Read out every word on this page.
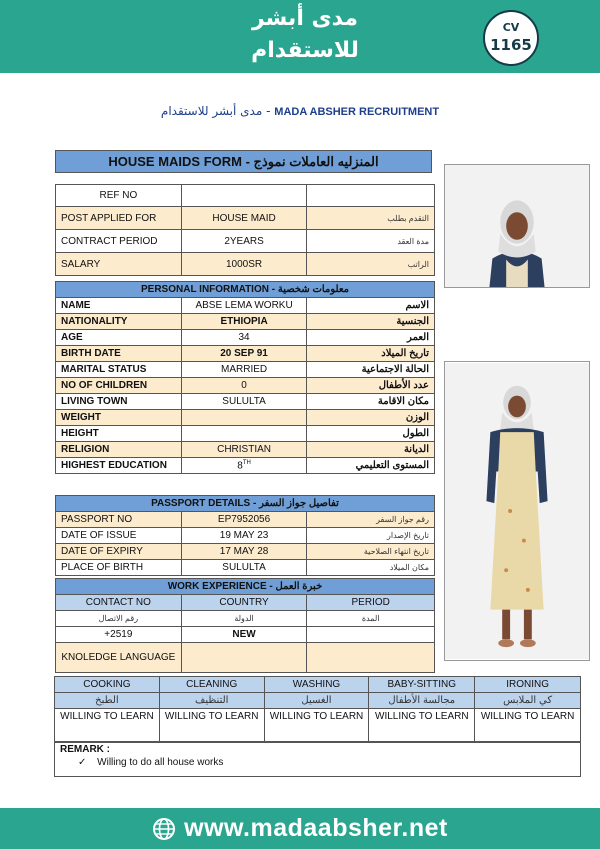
مدى أبشر
للاستقدام
CV
1165
مدى أبشر للاستقدام - MADA ABSHER RECRUITMENT
HOUSE MAIDS FORM - المنزليه العاملات نموذج
REF NO		
POST APPLIED FOR	HOUSE MAID	التقدم بطلب
CONTRACT PERIOD	2YEARS	مدة العقد
SALARY	1000SR	الراتب
PERSONAL INFORMATION - معلومات شخصية		
NAME	ABSE LEMA WORKU	الاسم
NATIONALITY	ETHIOPIA	الجنسية
AGE	34	العمر
BIRTH DATE	20 SEP 91	تاريخ الميلاد
MARITAL STATUS	MARRIED	الحالة الاجتماعية
NO OF CHILDREN	0	عدد الأطفال
LIVING TOWN	SULULTA	مكان الاقامة
WEIGHT		الوزن
HEIGHT		الطول
RELIGION	CHRISTIAN	الديانة
HIGHEST EDUCATION	8TH	المستوى التعليمي
PASSPORT DETAILS - تفاصيل جواز السفر		
PASSPORT NO	EP7952056	رقم جواز السفر
DATE OF ISSUE	19 MAY 23	تاريخ الإصدار
DATE OF EXPIRY	17 MAY 28	تاريخ انتهاء الصلاحية
PLACE OF BIRTH	SULULTA	مكان الميلاد
WORK EXPERIENCE - خبرة العمل		
CONTACT NO	COUNTRY	PERIOD
رقم الاتصال	الدولة	المدة
+2519	NEW	
KNOLEDGE LANGUAGE		
COOKING	CLEANING	WASHING	BABY-SITTING	IRONING
الطبخ	التنظيف	الغسيل	مجالسة الأطفال	كي الملابس
WILLING TO LEARN	WILLING TO LEARN	WILLING TO LEARN	WILLING TO LEARN	WILLING TO LEARN
REMARK :
✓ Willing to do all house works
www.madaabsher.net
